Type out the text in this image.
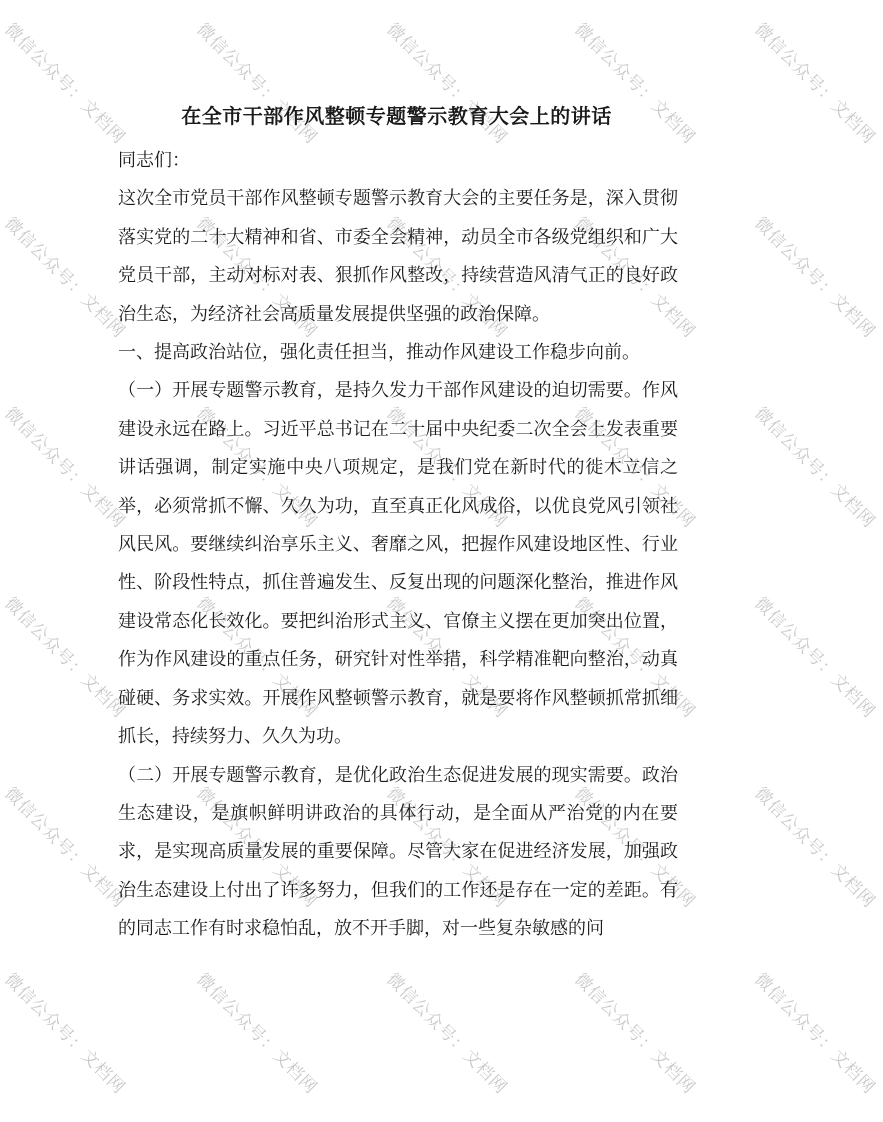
微信公众号：文档网	微信公众号：文档网	微信公众号：文档网	微信公众号：文档网	微信公众号：文档网
微信公众号：文档网	微信公众号：文档网	微信公众号：文档网	微信公众号：文档网	微信公众号：文档网
微信公众号：文档网	微信公众号：文档网	微信公众号：文档网	微信公众号：文档网	微信公众号：文档网
微信公众号：文档网	微信公众号：文档网	微信公众号：文档网	微信公众号：文档网	微信公众号：文档网
微信公众号：文档网	微信公众号：文档网	微信公众号：文档网	微信公众号：文档网	微信公众号：文档网
微信公众号：文档网	微信公众号：文档网	微信公众号：文档网	微信公众号：文档网	微信公众号：文档网
在全市干部作风整顿专题警示教育大会上的讲话

同志们：

这次全市党员干部作风整顿专题警示教育大会的主要任务是，深入贯彻落实党的二十大精神和省、市委全会精神，动员全市各级党组织和广大党员干部，主动对标对表、狠抓作风整改，持续营造风清气正的良好政治生态，为经济社会高质量发展提供坚强的政治保障。

一、提高政治站位，强化责任担当，推动作风建设工作稳步向前。

（一）开展专题警示教育，是持久发力干部作风建设的迫切需要。作风建设永远在路上。习近平总书记在二十届中央纪委二次全会上发表重要讲话强调，制定实施中央八项规定，是我们党在新时代的徙木立信之举，必须常抓不懈、久久为功，直至真正化风成俗，以优良党风引领社风民风。要继续纠治享乐主义、奢靡之风，把握作风建设地区性、行业性、阶段性特点，抓住普遍发生、反复出现的问题深化整治，推进作风建设常态化长效化。要把纠治形式主义、官僚主义摆在更加突出位置，作为作风建设的重点任务，研究针对性举措，科学精准靶向整治，动真碰硬、务求实效。开展作风整顿警示教育，就是要将作风整顿抓常抓细抓长，持续努力、久久为功。

（二）开展专题警示教育，是优化政治生态促进发展的现实需要。政治生态建设，是旗帜鲜明讲政治的具体行动，是全面从严治党的内在要求，是实现高质量发展的重要保障。尽管大家在促进经济发展，加强政治生态建设上付出了许多努力，但我们的工作还是存在一定的差距。有的同志工作有时求稳怕乱，放不开手脚，对一些复杂敏感的问
